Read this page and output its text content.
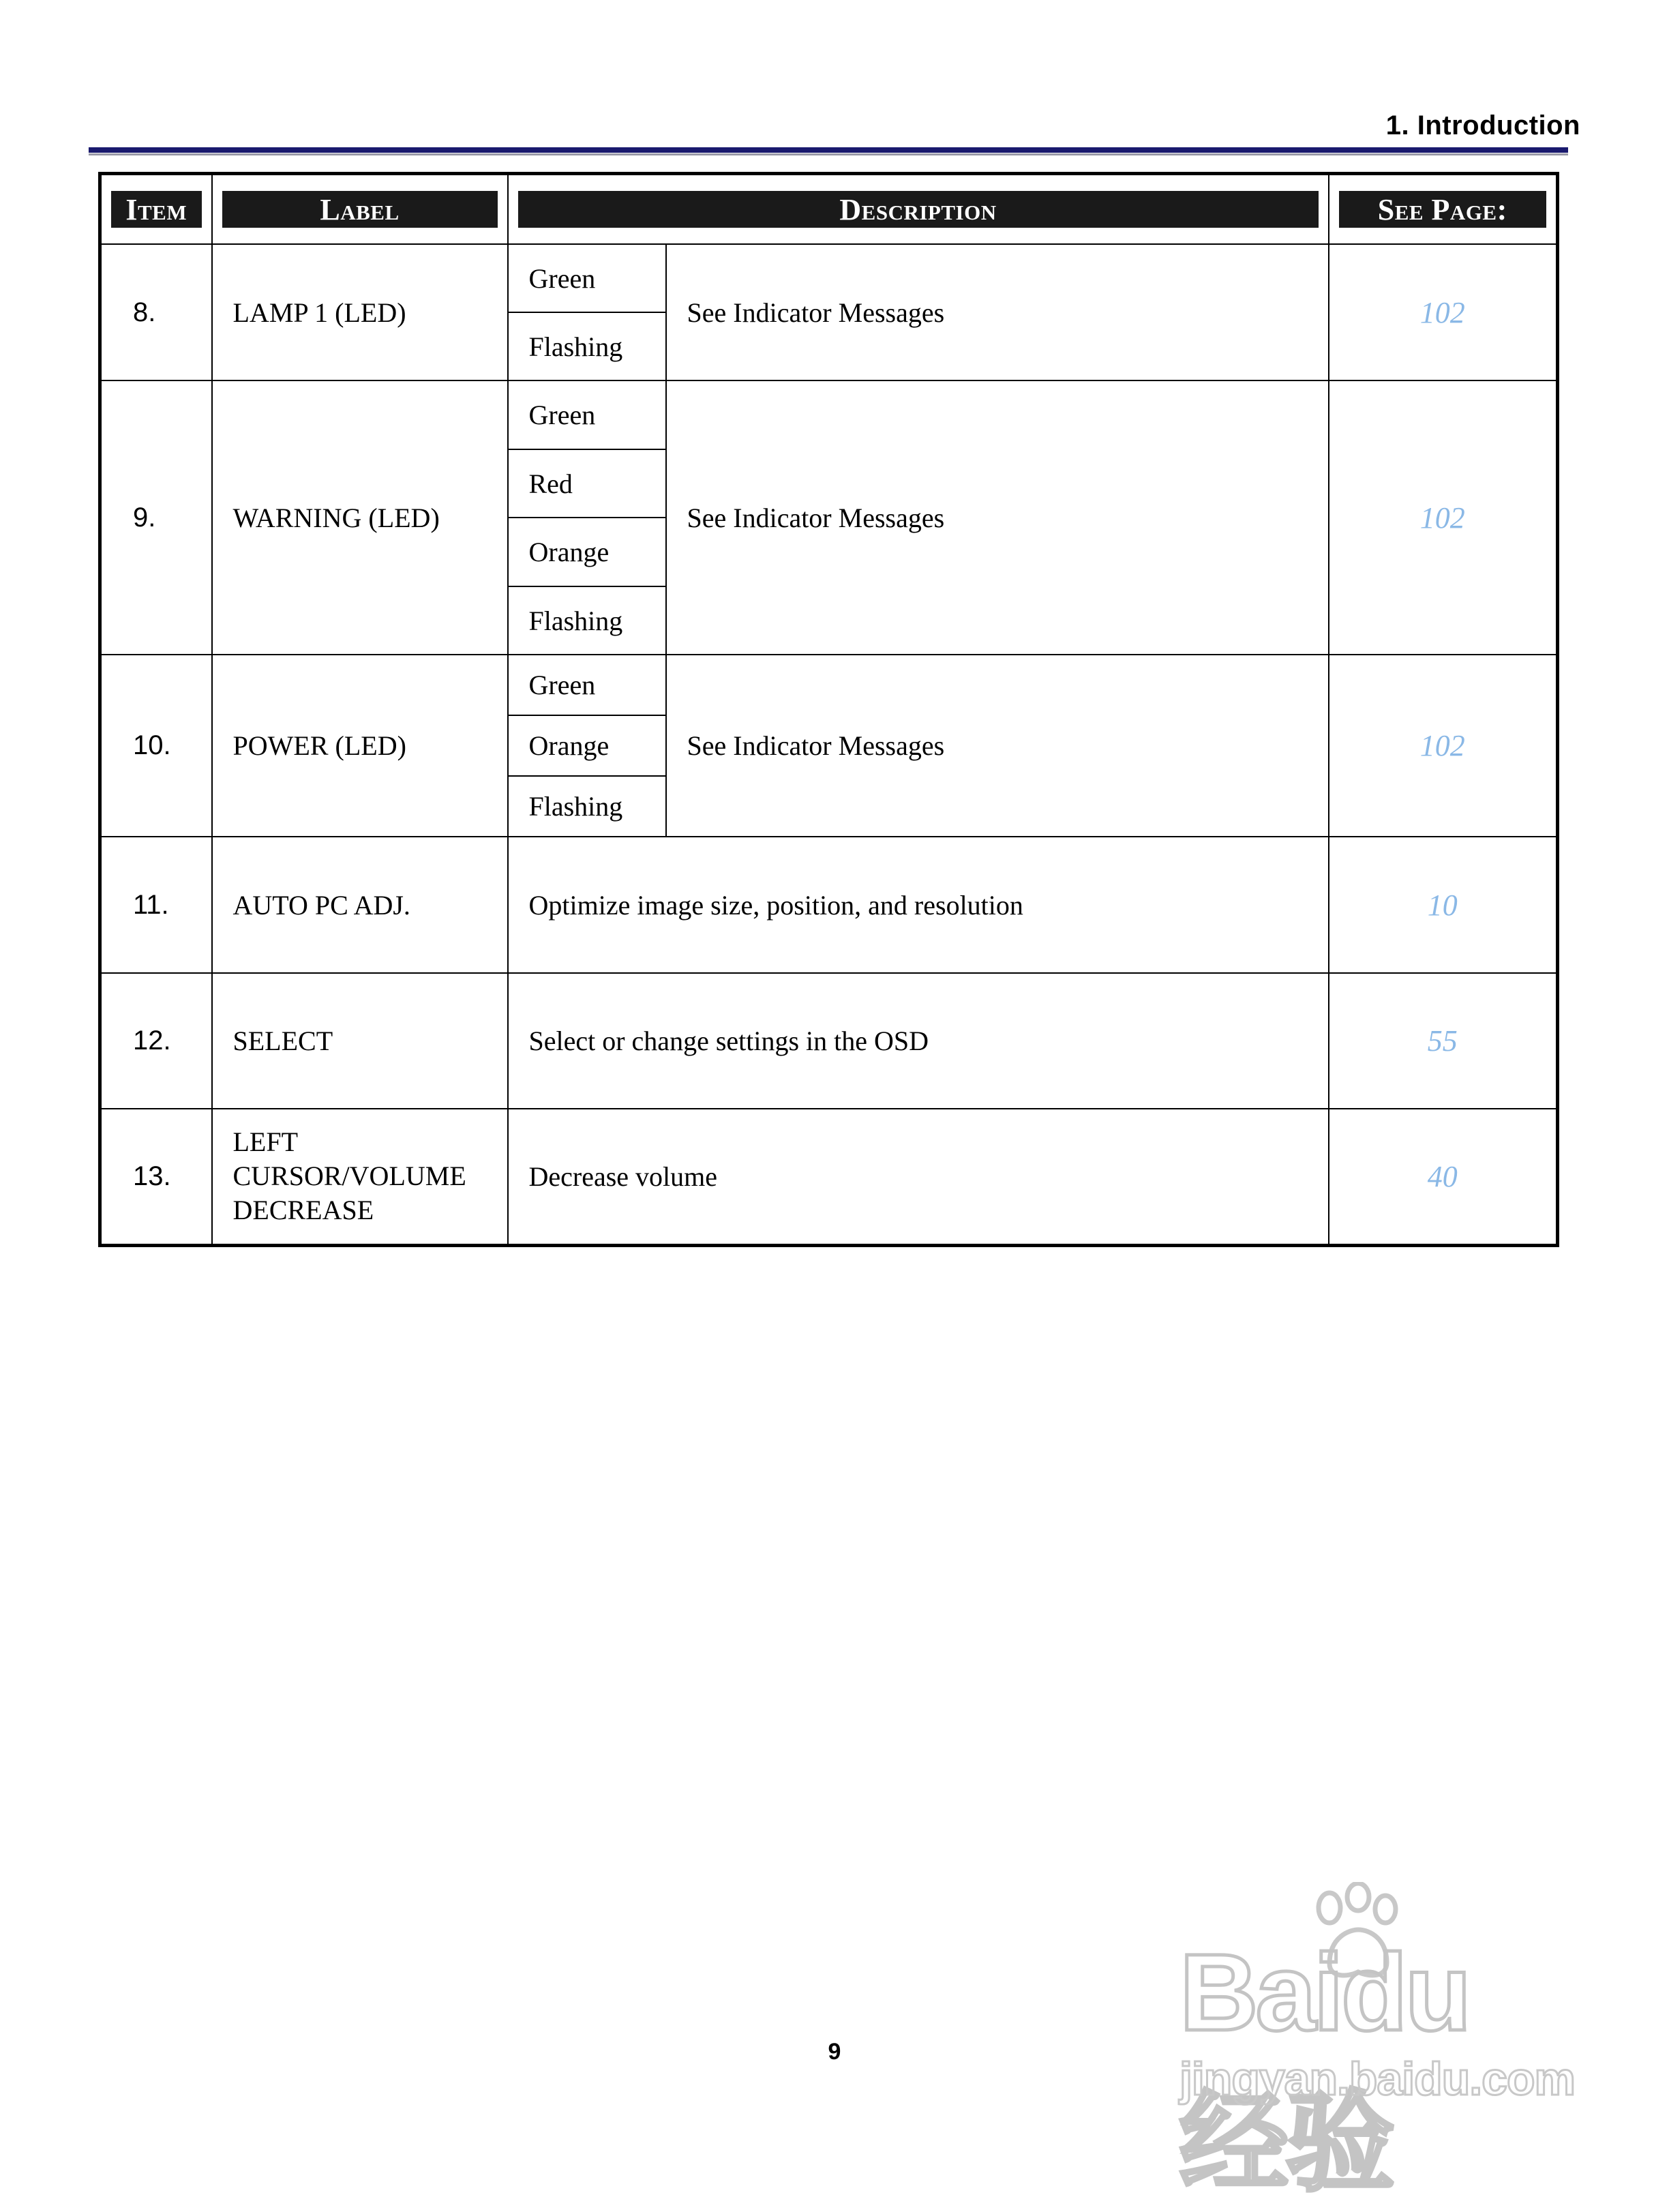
1. Introduction
Item	Label	Description		See Page:

8.	LAMP 1 (LED)	Green	See Indicator Messages	102
		Flashing		
9.	WARNING (LED)	Green	See Indicator Messages	102
		Red		
		Orange		
		Flashing		
10.	POWER (LED)	Green	See Indicator Messages	102
		Orange		
		Flashing		
11.	AUTO PC ADJ.	Optimize image size, position, and resolution		10
12.	SELECT	Select or change settings in the OSD		55
13.	LEFT
CURSOR/VOLUME
DECREASE	Decrease volume		40
9	Baidu 经验
jingyan.baidu.com
